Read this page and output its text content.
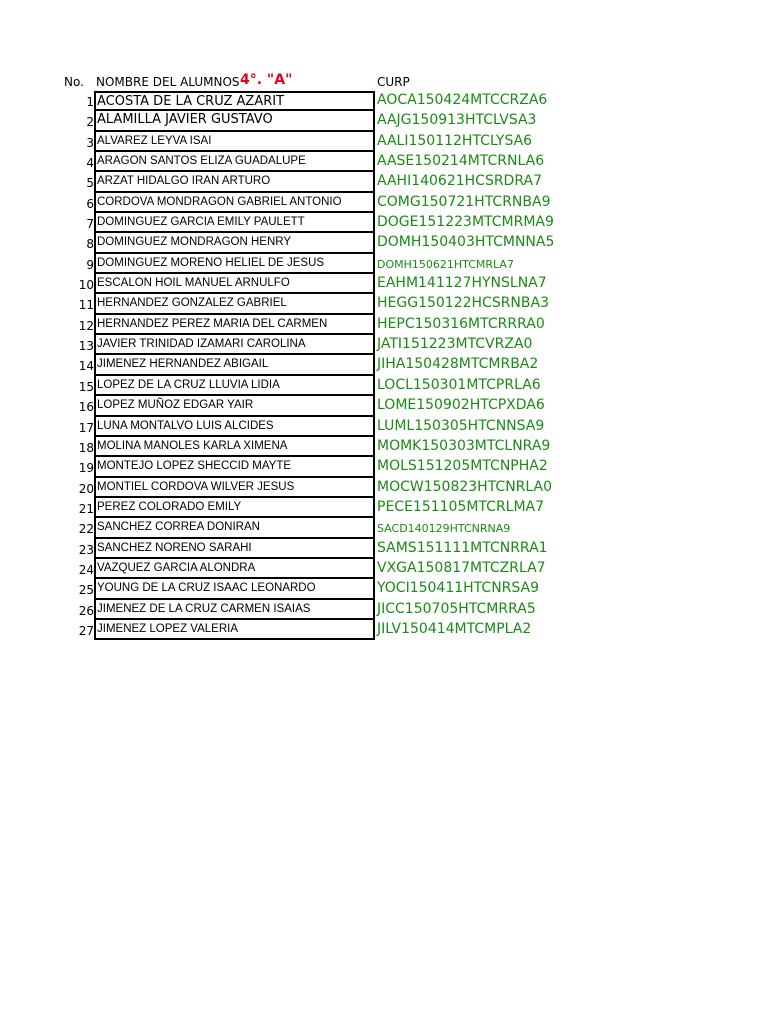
No. NOMBRE DEL ALUMNOS 4°. "A"	CURP
1 ACOSTA DE LA CRUZ AZARIT	AOCA150424MTCCRZA6
2 ALAMILLA JAVIER GUSTAVO	AAJG150913HTCLVSA3
3 ALVAREZ LEYVA ISAI	AALI150112HTCLYSA6
4 ARAGON SANTOS ELIZA GUADALUPE	AASE150214MTCRNLA6
5 ARZAT HIDALGO IRAN ARTURO	AAHI140621HCSRDRA7
6 CORDOVA MONDRAGON GABRIEL ANTONIO	COMG150721HTCRNBA9
7 DOMINGUEZ GARCIA EMILY PAULETT	DOGE151223MTCMRMA9
8 DOMINGUEZ MONDRAGON HENRY	DOMH150403HTCMNNA5
9 DOMINGUEZ MORENO HELIEL DE JESUS	DOMH150621HTCMRLA7
10 ESCALON HOIL MANUEL ARNULFO	EAHM141127HYNSLNA7
11 HERNANDEZ GONZALEZ GABRIEL	HEGG150122HCSRNBA3
12 HERNANDEZ PEREZ MARIA DEL CARMEN	HEPC150316MTCRRRA0
13 JAVIER TRINIDAD IZAMARI CAROLINA	JATI151223MTCVRZA0
14 JIMENEZ HERNANDEZ ABIGAIL	JIHA150428MTCMRBA2
15 LOPEZ DE LA CRUZ LLUVIA LIDIA	LOCL150301MTCPRLA6
16 LOPEZ MUÑOZ EDGAR YAIR	LOME150902HTCPXDA6
17 LUNA MONTALVO LUIS ALCIDES	LUML150305HTCNNSA9
18 MOLINA MANOLES KARLA XIMENA	MOMK150303MTCLNRA9
19 MONTEJO LOPEZ SHECCID MAYTE	MOLS151205MTCNPHA2
20 MONTIEL CORDOVA WILVER JESUS	MOCW150823HTCNRLA0
21 PEREZ COLORADO EMILY	PECE151105MTCRLMA7
22 SANCHEZ CORREA DONIRAN	SACD140129HTCNRNA9
23 SANCHEZ NORENO SARAHI	SAMS151111MTCNRRA1
24 VAZQUEZ GARCIA ALONDRA	VXGA150817MTCZRLA7
25 YOUNG DE LA CRUZ ISAAC LEONARDO	YOCI150411HTCNRSA9
26 JIMENEZ DE LA CRUZ CARMEN ISAIAS	JICC150705HTCMRRA5
27 JIMENEZ LOPEZ VALERIA	JILV150414MTCMPLA2
